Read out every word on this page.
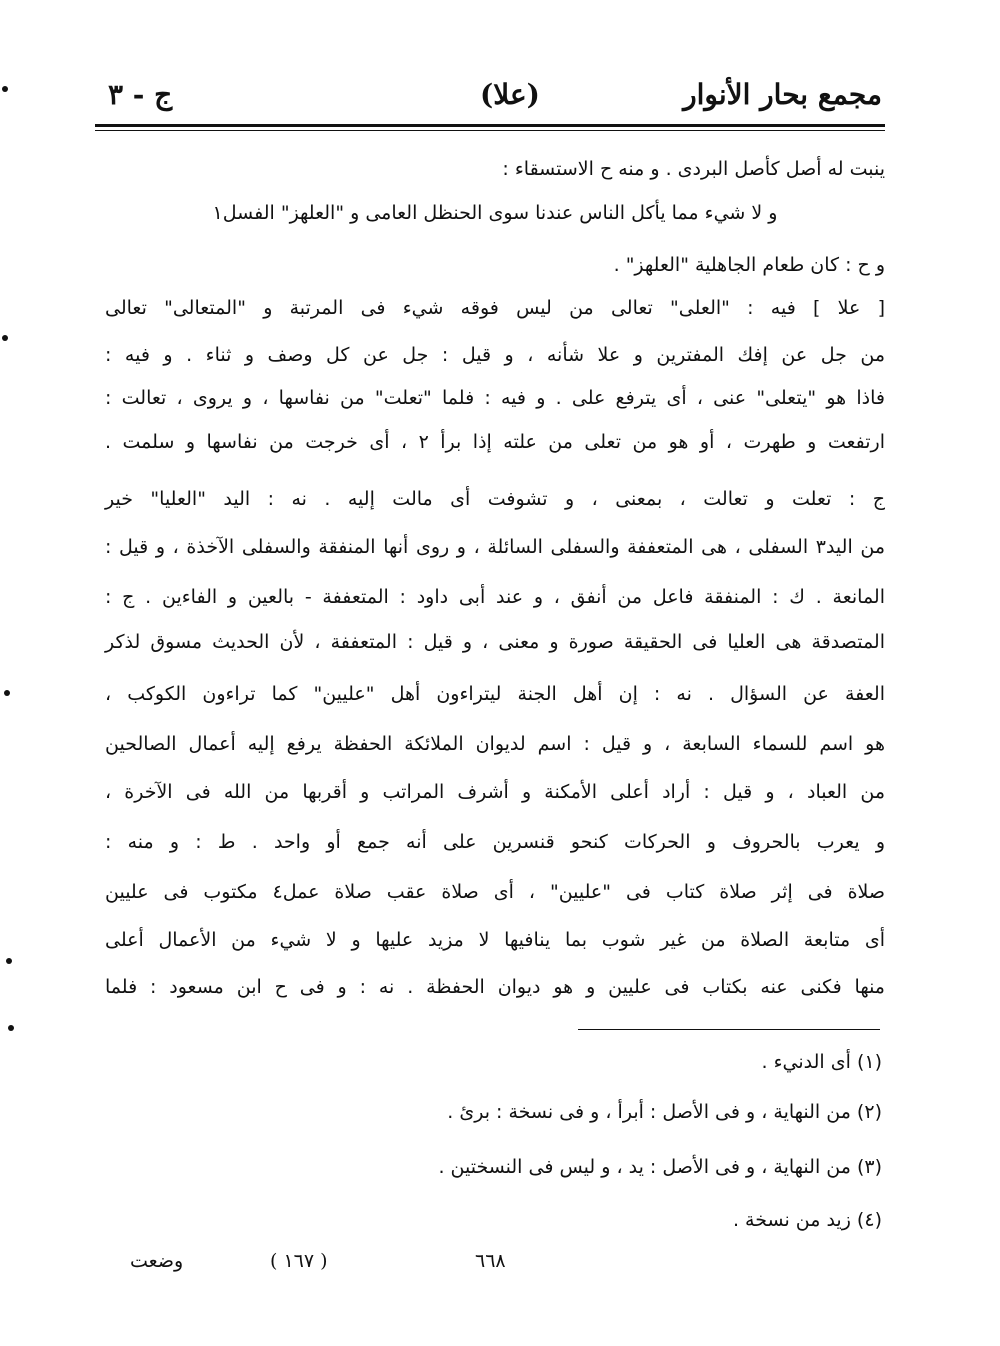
مجمع بحار الأنوار
(علا)
ج - ٣
ينبت له أصل كأصل البردى . و منه ح الاستسقاء :
و لا شيء مما يأكل الناس عندنا سوى الحنظل العامى و "العلهز" الفسل١
و ح : كان طعام الجاهلية "العلهز" .
[ علا ] فيه : "العلى" تعالى من ليس فوقه شيء فى المرتبة و "المتعالى" تعالى
من جل عن إفك المفترين و علا شأنه ، و قيل : جل عن كل وصف و ثناء . و فيه :
فاذا هو "يتعلى" عنى ، أى يترفع على . و فيه : فلما "تعلت" من نفاسها ، و يروى ، تعالت :
ارتفعت و طهرت ، أو هو من تعلى من علته إذا برأ ٢ ، أى خرجت من نفاسها و سلمت .
ج : تعلت و تعالت ، بمعنى ، و تشوفت أى مالت إليه . نه : اليد "العليا" خير
من اليد٣ السفلى ، هى المتعففة والسفلى السائلة ، و روى أنها المنفقة والسفلى الآخذة ، و قيل :
المانعة . ك : المنفقة فاعل من أنفق ، و عند أبى داود : المتعففة - بالعين و الفاءين . ج :
المتصدقة هى العليا فى الحقيقة صورة و معنى ، و قيل : المتعففة ، لأن الحديث مسوق لذكر
العفة عن السؤال . نه : إن أهل الجنة ليتراءون أهل "عليين" كما تراءون الكوكب ،
هو اسم للسماء السابعة ، و قيل : اسم لديوان الملائكة الحفظة يرفع إليه أعمال الصالحين
من العباد ، و قيل : أراد أعلى الأمكنة و أشرف المراتب و أقربها من الله فى الآخرة ،
و يعرب بالحروف و الحركات كنحو قنسرين على أنه جمع أو واحد . ط : و منه :
صلاة فى إثر صلاة كتاب فى "عليين" ، أى صلاة عقب صلاة عمل٤ مكتوب فى عليين
أى متابعة الصلاة من غير شوب بما ينافيها لا مزيد عليها و لا شيء من الأعمال أعلى
منها فكنى عنه بكتاب فى عليين و هو ديوان الحفظة . نه : و فى ح ابن مسعود : فلما
(١) أى الدنيء .
(٢) من النهاية ، و فى الأصل : أبرأ ، و فى نسخة : برئ .
(٣) من النهاية ، و فى الأصل : يد ، و ليس فى النسختين .
(٤) زيد من نسخة .
وضعت	( ١٦٧ )	٦٦٨
